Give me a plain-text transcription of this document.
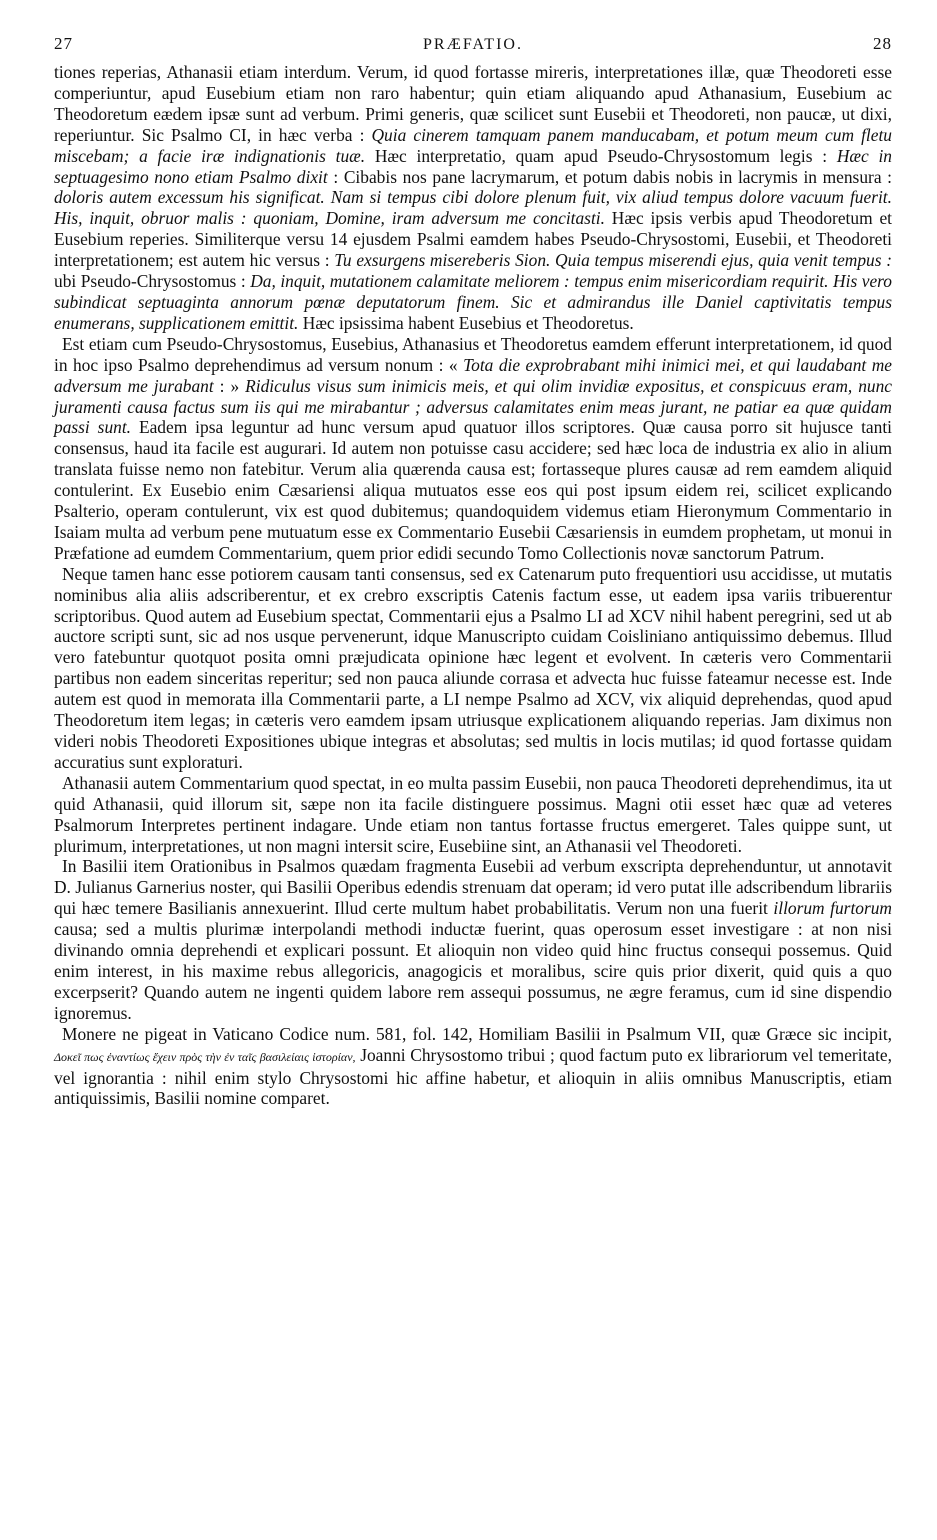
27	PRÆFATIO.	28

tiones reperias, Athanasii etiam interdum. Verum, id quod fortasse mireris, interpretationes illæ, quæ Theodoreti esse comperiuntur, apud Eusebium etiam non raro habentur; quin etiam aliquando apud Athanasium, Eusebium ac Theodoretum eædem ipsæ sunt ad verbum. Primi generis, quæ scilicet sunt Eusebii et Theodoreti, non paucæ, ut dixi, reperiuntur. Sic Psalmo CI, in hæc verba : Quia cinerem tamquam panem manducabam, et potum meum cum fletu miscebam; a facie iræ indignationis tuæ. Hæc interpretatio, quam apud Pseudo-Chrysostomum legis : Hæc in septuagesimo nono etiam Psalmo dixit : Cibabis nos pane lacrymarum, et potum dabis nobis in lacrymis in mensura : doloris autem excessum his significat. Nam si tempus cibi dolore plenum fuit, vix aliud tempus dolore vacuum fuerit. His, inquit, obruor malis : quoniam, Domine, iram adversum me concitasti. Hæc ipsis verbis apud Theodoretum et Eusebium reperies. Similiterque versu 14 ejusdem Psalmi eamdem habes Pseudo-Chrysostomi, Eusebii, et Theodoreti interpretationem; est autem hic versus : Tu exsurgens misereberis Sion. Quia tempus miserendi ejus, quia venit tempus : ubi Pseudo-Chrysostomus : Da, inquit, mutationem calamitate meliorem : tempus enim misericordiam requirit. His vero subindicat septuaginta annorum pœnæ deputatorum finem. Sic et admirandus ille Daniel captivitatis tempus enumerans, supplicationem emittit. Hæc ipsissima habent Eusebius et Theodoretus.

Est etiam cum Pseudo-Chrysostomus, Eusebius, Athanasius et Theodoretus eamdem efferunt interpretationem, id quod in hoc ipso Psalmo deprehendimus ad versum nonum : « Tota die exprobrabant mihi inimici mei, et qui laudabant me adversum me jurabant : » Ridiculus visus sum inimicis meis, et qui olim invidiæ expositus, et conspicuus eram, nunc juramenti causa factus sum iis qui me mirabantur ; adversus calamitates enim meas jurant, ne patiar ea quæ quidam passi sunt. Eadem ipsa leguntur ad hunc versum apud quatuor illos scriptores. Quæ causa porro sit hujusce tanti consensus, haud ita facile est augurari. Id autem non potuisse casu accidere; sed hæc loca de industria ex alio in alium translata fuisse nemo non fatebitur. Verum alia quærenda causa est; fortasseque plures causæ ad rem eamdem aliquid contulerint. Ex Eusebio enim Cæsariensi aliqua mutuatos esse eos qui post ipsum eidem rei, scilicet explicando Psalterio, operam contulerunt, vix est quod dubitemus; quandoquidem videmus etiam Hieronymum Commentario in Isaiam multa ad verbum pene mutuatum esse ex Commentario Eusebii Cæsariensis in eumdem prophetam, ut monui in Præfatione ad eumdem Commentarium, quem prior edidi secundo Tomo Collectionis novæ sanctorum Patrum.

Neque tamen hanc esse potiorem causam tanti consensus, sed ex Catenarum puto frequentiori usu accidisse, ut mutatis nominibus alia aliis adscriberentur, et ex crebro exscriptis Catenis factum esse, ut eadem ipsa variis tribuerentur scriptoribus. Quod autem ad Eusebium spectat, Commentarii ejus a Psalmo LI ad XCV nihil habent peregrini, sed ut ab auctore scripti sunt, sic ad nos usque pervenerunt, idque Manuscripto cuidam Coisliniano antiquissimo debemus. Illud vero fatebuntur quotquot posita omni præjudicata opinione hæc legent et evolvent. In cæteris vero Commentarii partibus non eadem sinceritas reperitur; sed non pauca aliunde corrasa et advecta huc fuisse fateamur necesse est. Inde autem est quod in memorata illa Commentarii parte, a LI nempe Psalmo ad XCV, vix aliquid deprehendas, quod apud Theodoretum item legas; in cæteris vero eamdem ipsam utriusque explicationem aliquando reperias. Jam diximus non videri nobis Theodoreti Expositiones ubique integras et absolutas; sed multis in locis mutilas; id quod fortasse quidam accuratius sunt exploraturi.

Athanasii autem Commentarium quod spectat, in eo multa passim Eusebii, non pauca Theodoreti deprehendimus, ita ut quid Athanasii, quid illorum sit, sæpe non ita facile distinguere possimus. Magni otii esset hæc quæ ad veteres Psalmorum Interpretes pertinent indagare. Unde etiam non tantus fortasse fructus emergeret. Tales quippe sunt, ut plurimum, interpretationes, ut non magni intersit scire, Eusebiine sint, an Athanasii vel Theodoreti.

In Basilii item Orationibus in Psalmos quædam fragmenta Eusebii ad verbum exscripta deprehenduntur, ut annotavit D. Julianus Garnerius noster, qui Basilii Operibus edendis strenuam dat operam; id vero putat ille adscribendum librariis qui hæc temere Basilianis annexuerint. Illud certe multum habet probabilitatis. Verum non una fuerit illorum furtorum causa; sed a multis plurimæ interpolandi methodi inductæ fuerint, quas operosum esset investigare : at non nisi divinando omnia deprehendi et explicari possunt. Et alioquin non video quid hinc fructus consequi possemus. Quid enim interest, in his maxime rebus allegoricis, anagogicis et moralibus, scire quis prior dixerit, quid quis a quo excerpserit? Quando autem ne ingenti quidem labore rem assequi possumus, ne ægre feramus, cum id sine dispendio ignoremus.

Monere ne pigeat in Vaticano Codice num. 581, fol. 142, Homiliam Basilii in Psalmum VII, quæ Græce sic incipit, Δοκεῖ πως ἐναντίως ἔχειν πρὸς τὴν ἐν ταῖς βασιλείαις ἱστορίαν, Joanni Chrysostomo tribui ; quod factum puto ex librariorum vel temeritate, vel ignorantia : nihil enim stylo Chrysostomi hic affine habetur, et alioquin in aliis omnibus Manuscriptis, etiam antiquissimis, Basilii nomine comparet.
